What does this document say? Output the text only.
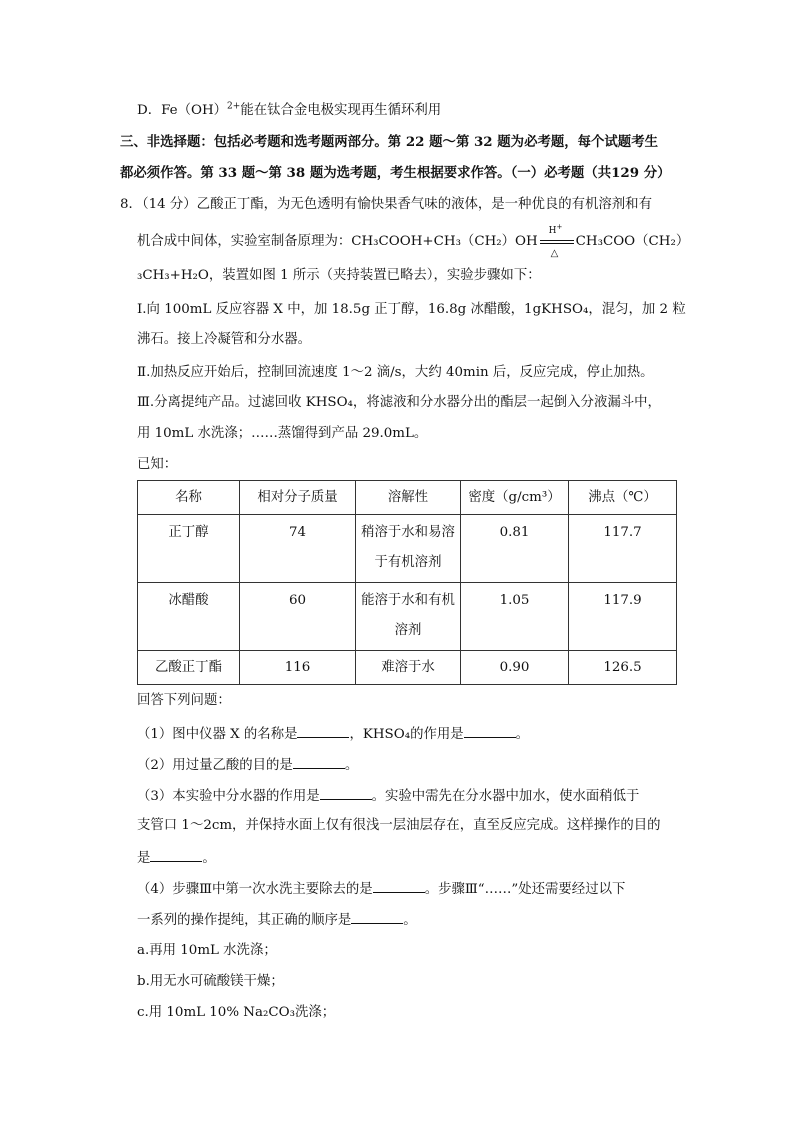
D．Fe（OH）$^{2+}$能在钛合金电极实现再生循环利用
三、非选择题：包括必考题和选考题两部分。第 22 题～第 32 题为必考题，每个试题考生
都必须作答。第 33 题～第 38 题为选考题，考生根据要求作答。（一）必考题（共129 分）
8．（14 分）乙酸正丁酯，为无色透明有愉快果香气味的液体，是一种优良的有机溶剂和有
机合成中间体，实验室制备原理为：CH₃COOH+CH₃（CH₂）OH
H+
△
CH₃COO（CH₂）
₃CH₃+H₂O，装置如图 1 所示（夹持装置已略去），实验步骤如下：
Ⅰ.向 100mL 反应容器 X 中，加 18.5g 正丁醇，16.8g 冰醋酸，1gKHSO₄，混匀，加 2 粒
沸石。接上冷凝管和分水器。
Ⅱ.加热反应开始后，控制回流速度 1～2 滴/s，大约 40min 后，反应完成，停止加热。
Ⅲ.分离提纯产品。过滤回收 KHSO₄，将滤液和分水器分出的酯层一起倒入分液漏斗中，
用 10mL 水洗涤；……蒸馏得到产品 29.0mL。
已知：
名称	相对分子质量	溶解性	密度（g/cm³）	沸点（℃）
正丁醇	74	稍溶于水和易溶
于有机溶剂	0.81	117.7
冰醋酸	60	能溶于水和有机
溶剂	1.05	117.9
乙酸正丁酯	116	难溶于水	0.90	126.5
回答下列问题：
（1）图中仪器 X 的名称是	，KHSO₄的作用是	。
（2）用过量乙酸的目的是	。
（3）本实验中分水器的作用是	。实验中需先在分水器中加水，使水面稍低于
支管口 1～2cm，并保持水面上仅有很浅一层油层存在，直至反应完成。这样操作的目的
是	。
（4）步骤Ⅲ中第一次水洗主要除去的是	。步骤Ⅲ“……”处还需要经过以下
一系列的操作提纯，其正确的顺序是	。
a.再用 10mL 水洗涤；
b.用无水可硫酸镁干燥；
c.用 10mL 10% Na₂CO₃洗涤；
